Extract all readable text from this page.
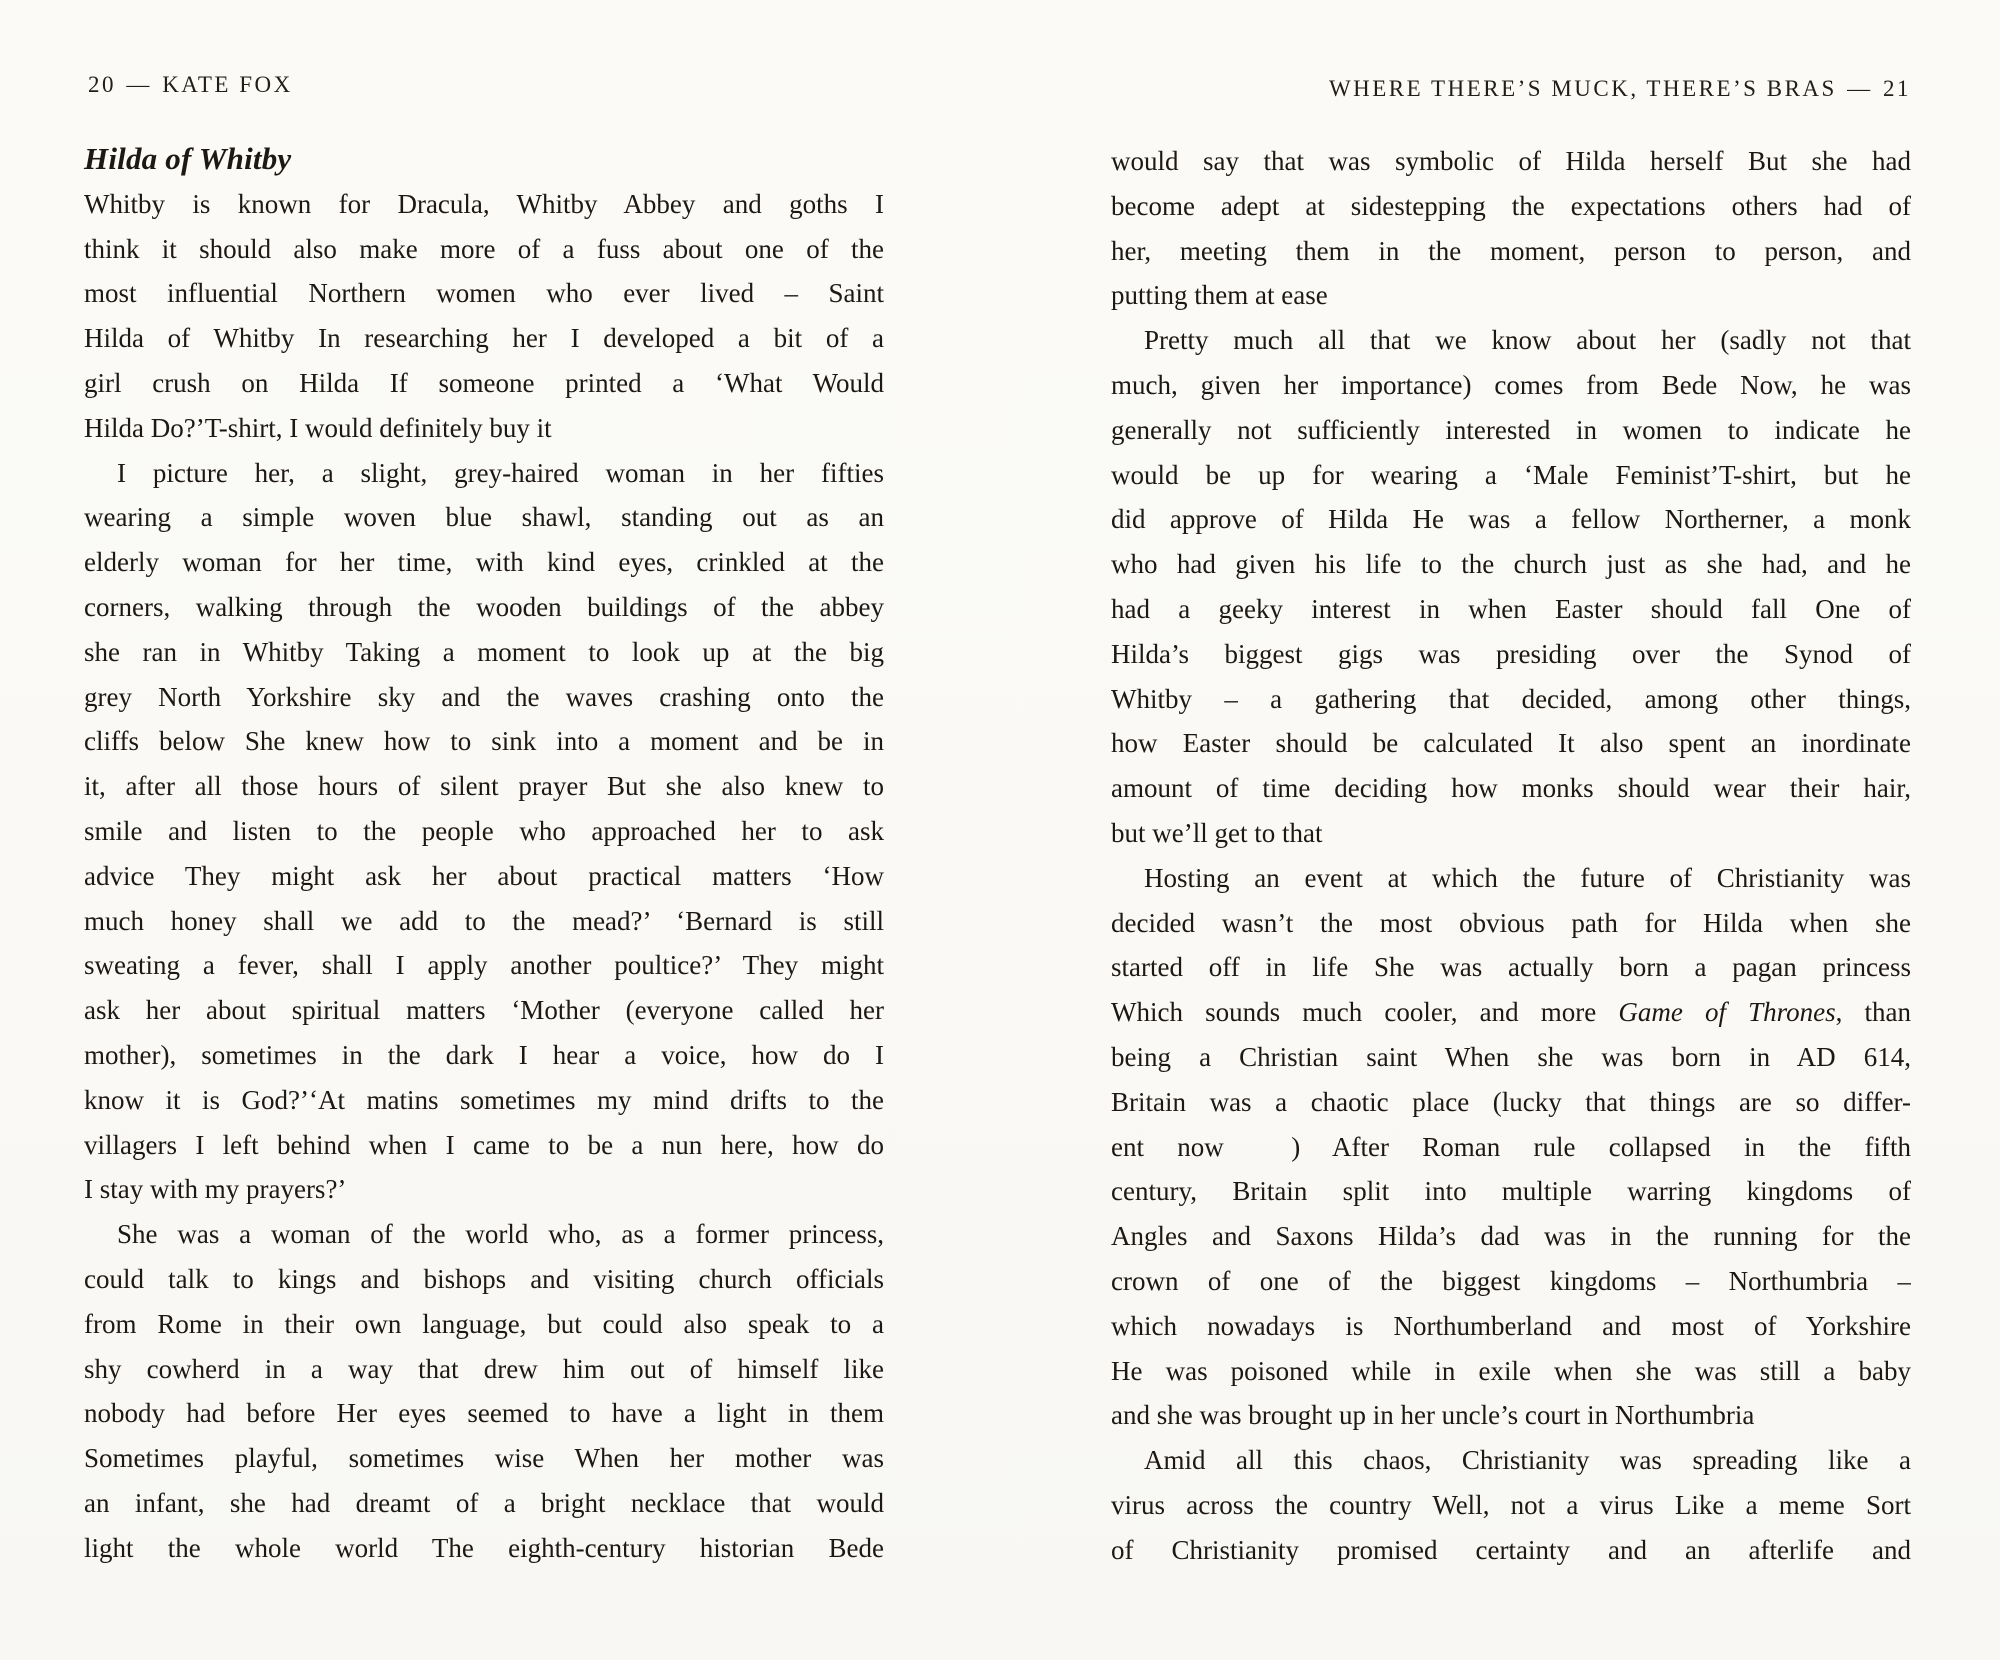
20 — KATE FOX	WHERE THERE’S MUCK, THERE’S BRAS — 21
Hilda of Whitby
Whitby is known for Dracula, Whitby Abbey and goths I
think it should also make more of a fuss about one of the
most influential Northern women who ever lived – Saint
Hilda of Whitby In researching her I developed a bit of a
girl crush on Hilda If someone printed a ‘What Would
Hilda Do?’T-shirt, I would definitely buy it
I picture her, a slight, grey-haired woman in her fifties
wearing a simple woven blue shawl, standing out as an
elderly woman for her time, with kind eyes, crinkled at the
corners, walking through the wooden buildings of the abbey
she ran in Whitby Taking a moment to look up at the big
grey North Yorkshire sky and the waves crashing onto the
cliffs below She knew how to sink into a moment and be in
it, after all those hours of silent prayer But she also knew to
smile and listen to the people who approached her to ask
advice They might ask her about practical matters ‘How
much honey shall we add to the mead?’ ‘Bernard is still
sweating a fever, shall I apply another poultice?’ They might
ask her about spiritual matters ‘Mother (everyone called her
mother), sometimes in the dark I hear a voice, how do I
know it is God?’‘At matins sometimes my mind drifts to the
villagers I left behind when I came to be a nun here, how do
I stay with my prayers?’
She was a woman of the world who, as a former princess,
could talk to kings and bishops and visiting church officials
from Rome in their own language, but could also speak to a
shy cowherd in a way that drew him out of himself like
nobody had before Her eyes seemed to have a light in them
Sometimes playful, sometimes wise When her mother was
an infant, she had dreamt of a bright necklace that would
light the whole world The eighth-century historian Bede
would say that was symbolic of Hilda herself But she had
become adept at sidestepping the expectations others had of
her, meeting them in the moment, person to person, and
putting them at ease
Pretty much all that we know about her (sadly not that
much, given her importance) comes from Bede Now, he was
generally not sufficiently interested in women to indicate he
would be up for wearing a ‘Male Feminist’T-shirt, but he
did approve of Hilda He was a fellow Northerner, a monk
who had given his life to the church just as she had, and he
had a geeky interest in when Easter should fall One of
Hilda’s biggest gigs was presiding over the Synod of
Whitby – a gathering that decided, among other things,
how Easter should be calculated It also spent an inordinate
amount of time deciding how monks should wear their hair,
but we’ll get to that
Hosting an event at which the future of Christianity was
decided wasn’t the most obvious path for Hilda when she
started off in life She was actually born a pagan princess
Which sounds much cooler, and more Game of Thrones, than
being a Christian saint When she was born in AD 614,
Britain was a chaotic place (lucky that things are so differ-
ent now   ) After Roman rule collapsed in the fifth
century, Britain split into multiple warring kingdoms of
Angles and Saxons Hilda’s dad was in the running for the
crown of one of the biggest kingdoms – Northumbria –
which nowadays is Northumberland and most of Yorkshire
He was poisoned while in exile when she was still a baby
and she was brought up in her uncle’s court in Northumbria
Amid all this chaos, Christianity was spreading like a
virus across the country Well, not a virus Like a meme Sort
of Christianity promised certainty and an afterlife and
